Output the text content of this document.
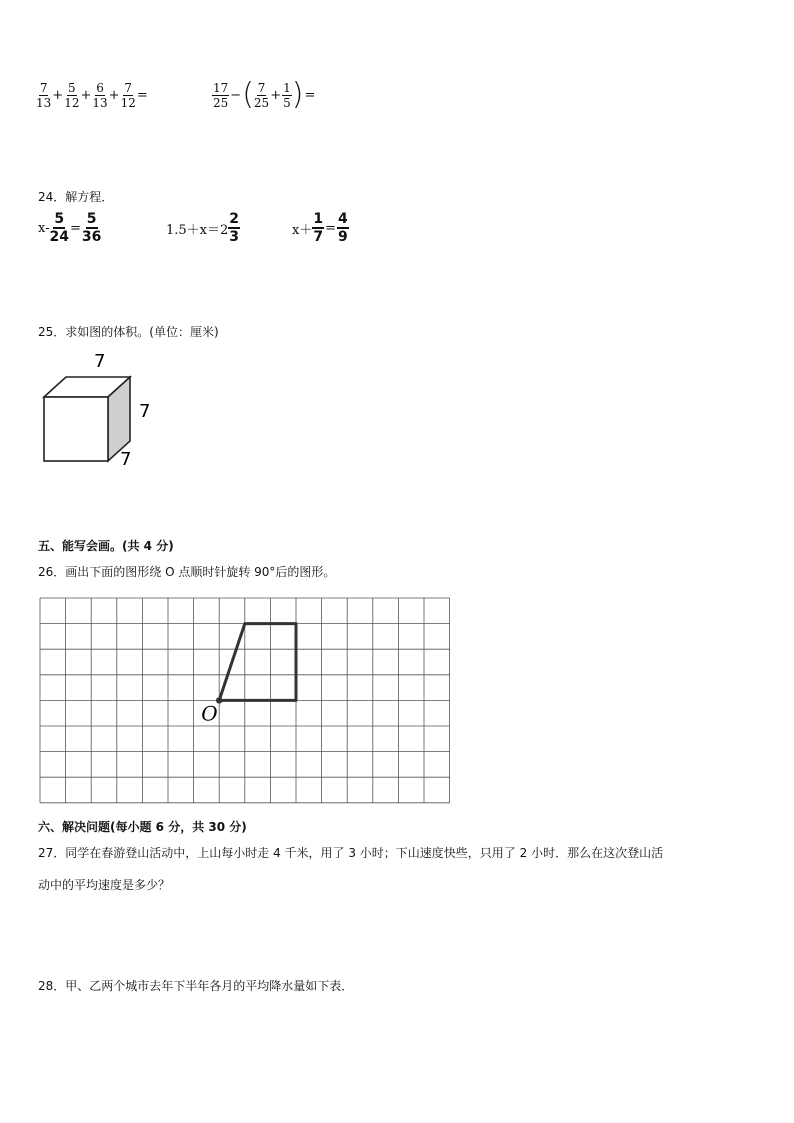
$\frac{7}{13} + \frac{5}{12} + \frac{6}{13} + \frac{7}{12}$ =	$\frac{17}{25}$ − ( $\frac{7}{25} + \frac{1}{5}$ ) =
24．解方程．
$x- \frac{5}{24} = \frac{5}{36}$	$1.5+x=2 \frac{2}{3}$	$x+ \frac{1}{7} = \frac{4}{9}$
25．求如图的体积。(单位：厘米)
7
7
7
五、能写会画。(共 4 分)
26．画出下面的图形绕 O 点顺时针旋转 90°后的图形。
O
六、解决问题(每小题 6 分，共 30 分)
27．同学在春游登山活动中，上山每小时走 4 千米，用了 3 小时；下山速度快些，只用了 2 小时．那么在这次登山活
动中的平均速度是多少？
28．甲、乙两个城市去年下半年各月的平均降水量如下表．
